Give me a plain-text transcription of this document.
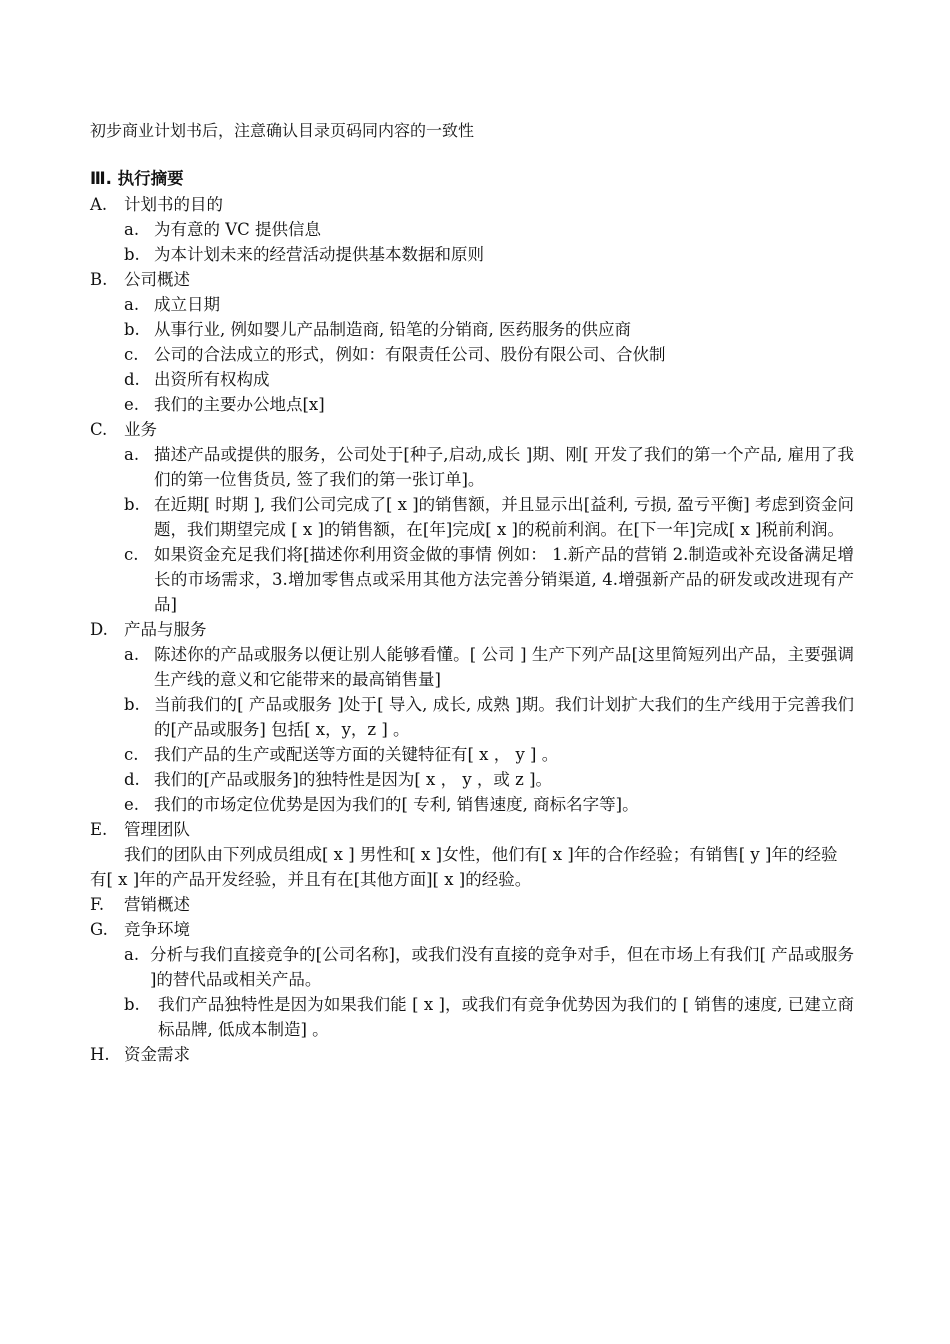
初步商业计划书后，注意确认目录页码同内容的一致性

Ⅲ. 执行摘要

A.	计划书的目的
a. 为有意的 VC 提供信息
b. 为本计划未来的经营活动提供基本数据和原则
B.	公司概述
a. 成立日期
b. 从事行业, 例如婴儿产品制造商, 铅笔的分销商, 医药服务的供应商
c. 公司的合法成立的形式，例如：有限责任公司、股份有限公司、合伙制
d. 出资所有权构成
e. 我们的主要办公地点[x]
C.	业务
a. 描述产品或提供的服务，公司处于[种子,启动,成长 ]期、刚[ 开发了我们的第一个产品, 雇用了我们的第一位售货员, 签了我们的第一张订单]。
b. 在近期[ 时期 ], 我们公司完成了[ x ]的销售额，并且显示出[益利, 亏损, 盈亏平衡] 考虑到资金问题，我们期望完成 [ x ]的销售额，在[年]完成[ x ]的税前利润。在[下一年]完成[ x ]税前利润。
c. 如果资金充足我们将[描述你利用资金做的事情 例如： 1.新产品的营销 2.制造或补充设备满足增长的市场需求，3.增加零售点或采用其他方法完善分销渠道, 4.增强新产品的研发或改进现有产品]
D. 产品与服务
a. 陈述你的产品或服务以便让别人能够看懂。[ 公司 ] 生产下列产品[这里简短列出产品，主要强调生产线的意义和它能带来的最高销售量]
b. 当前我们的[ 产品或服务 ]处于[ 导入, 成长, 成熟 ]期。我们计划扩大我们的生产线用于完善我们的[产品或服务] 包括[ x，y，z ] 。
c. 我们产品的生产或配送等方面的关键特征有[ x ， y ] 。
d. 我们的[产品或服务]的独特性是因为[ x ， y ，或 z ]。
e. 我们的市场定位优势是因为我们的[ 专利, 销售速度, 商标名字等]。
E.	管理团队
我们的团队由下列成员组成[ x ] 男性和[ x ]女性，他们有[ x ]年的合作经验；有销售[ y ]年的经验
有[ x ]年的产品开发经验，并且有在[其他方面][ x ]的经验。
F.	营销概述
G. 竞争环境
a. 分析与我们直接竞争的[公司名称]，或我们没有直接的竞争对手，但在市场上有我们[ 产品或服务 ]的替代品或相关产品。
b.	我们产品独特性是因为如果我们能 [ x ]，或我们有竞争优势因为我们的 [ 销售的速度, 已建立商标品牌, 低成本制造] 。
H. 资金需求
